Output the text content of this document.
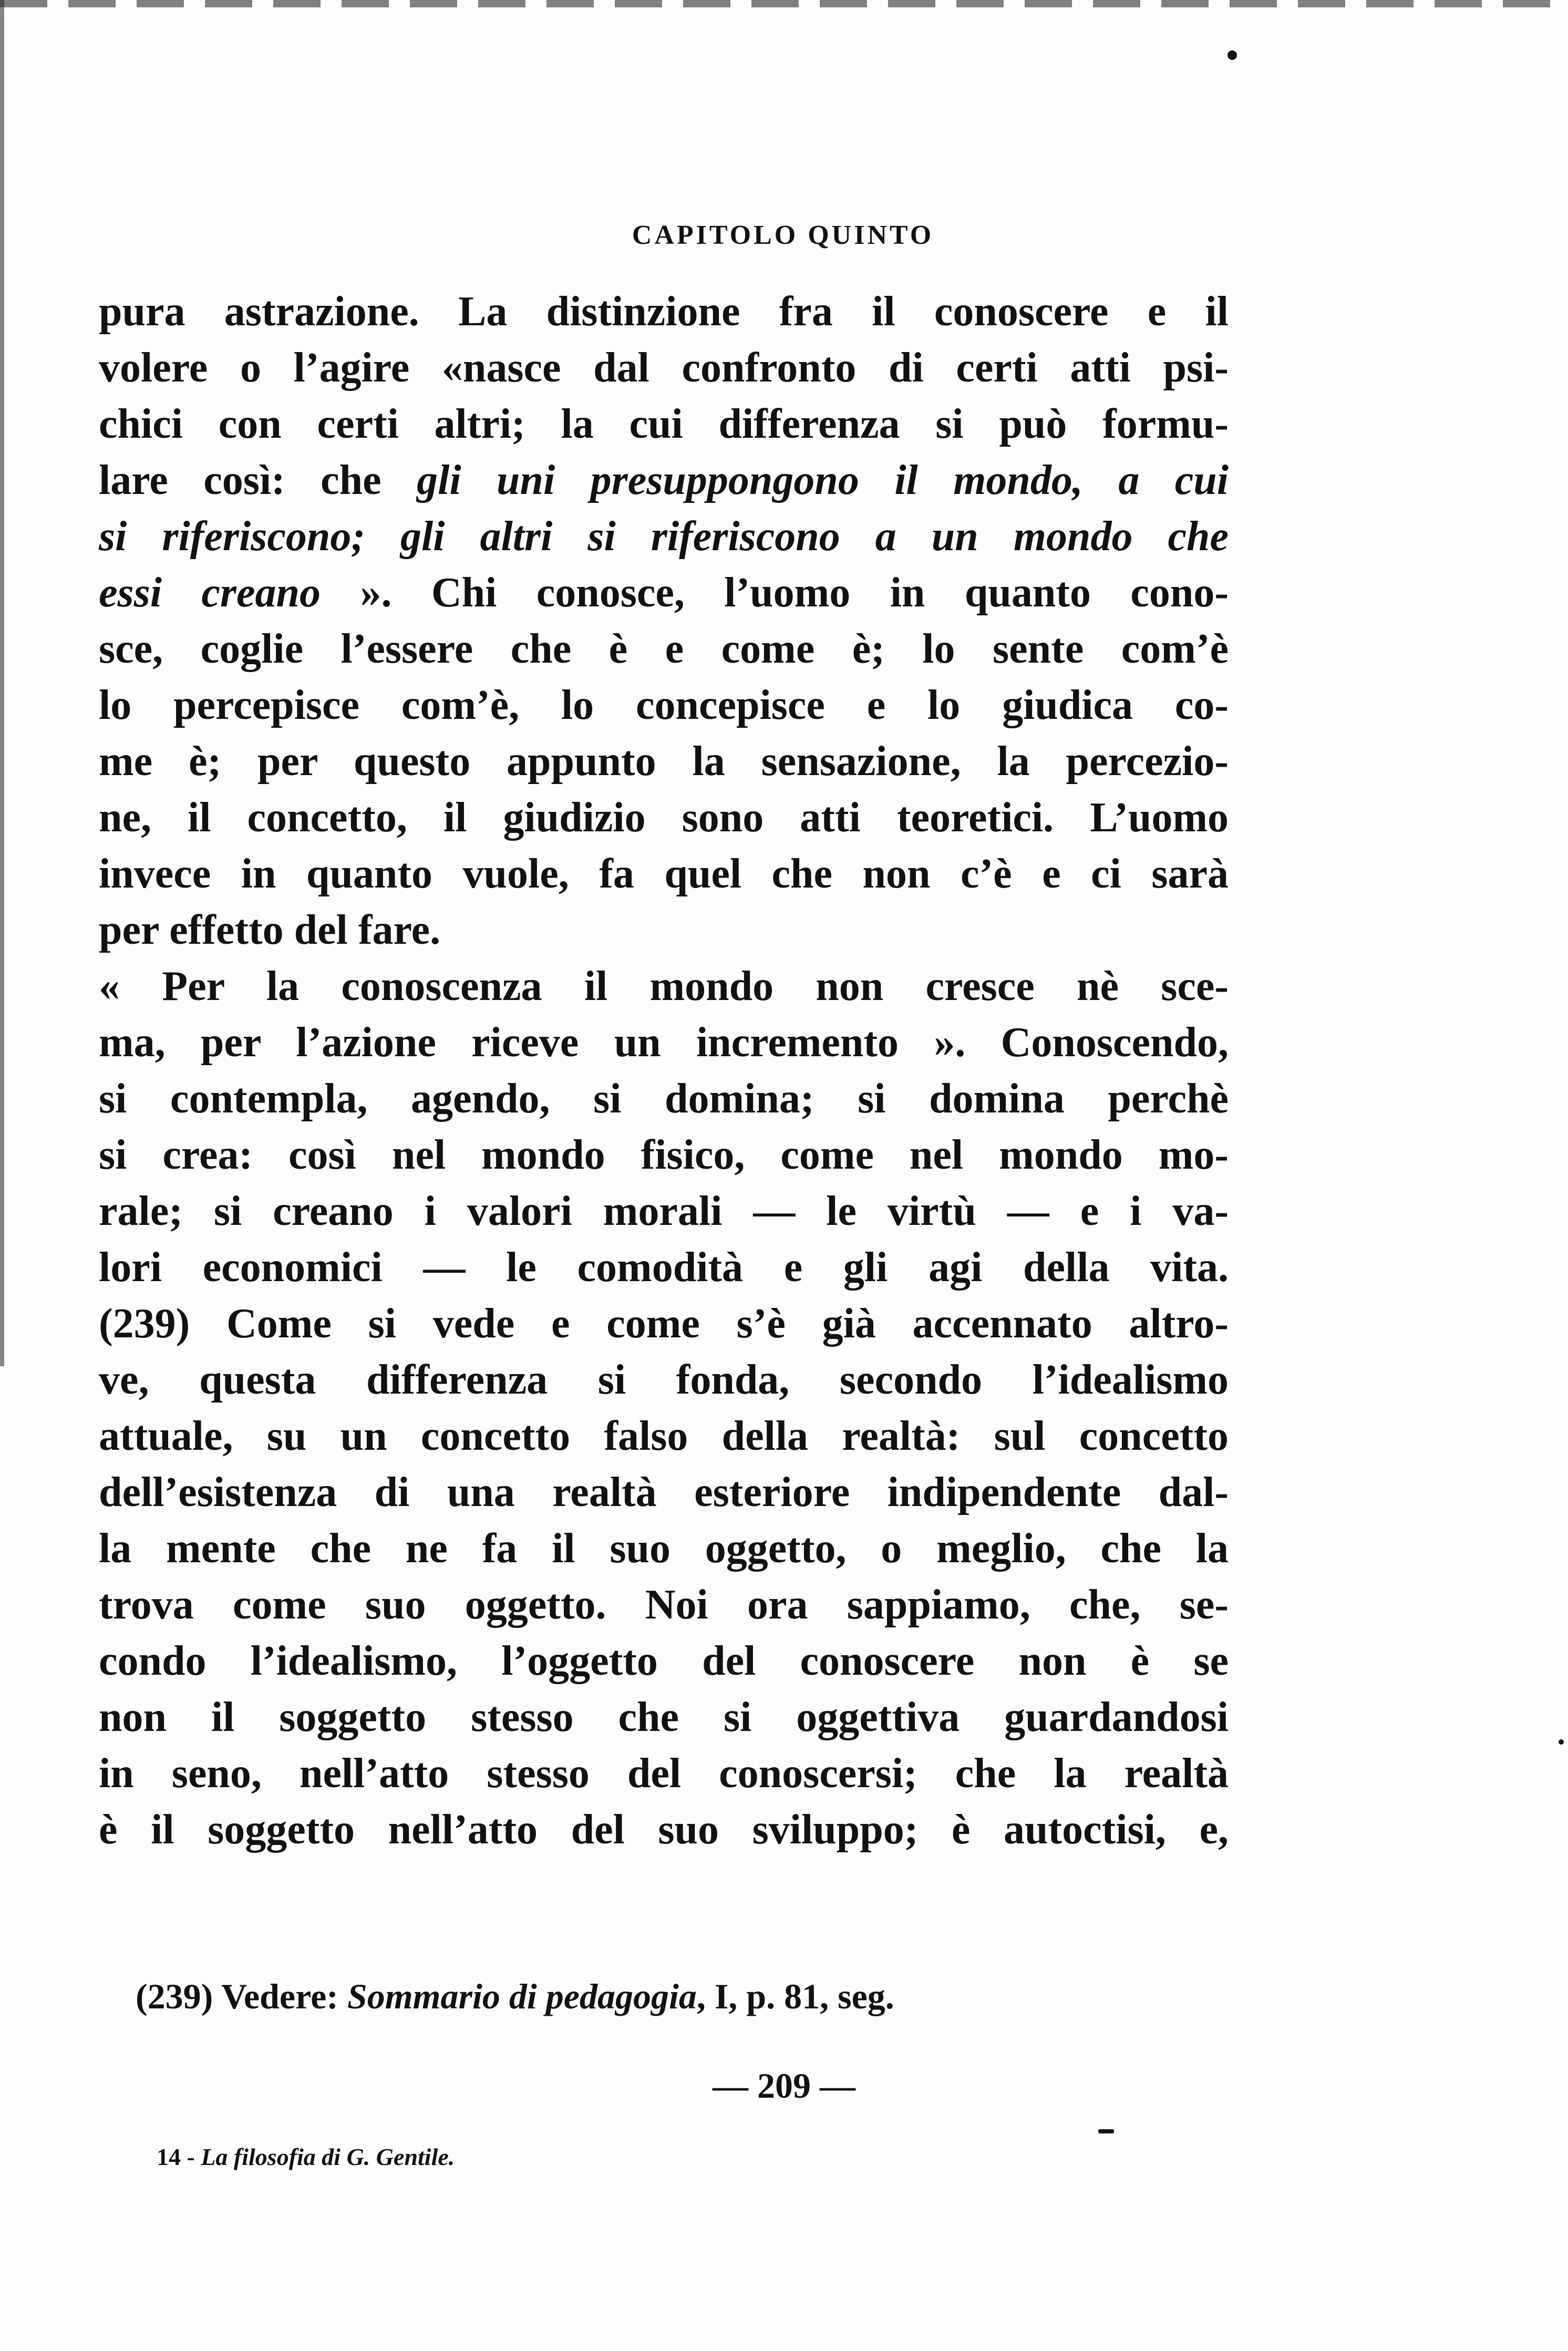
CAPITOLO QUINTO
pura astrazione. La distinzione fra il conoscere e il
volere o l’agire «nasce dal confronto di certi atti psi-
chici con certi altri; la cui differenza si può formu-
lare così: che gli uni presuppongono il mondo, a cui
si riferiscono; gli altri si riferiscono a un mondo che
essi creano ». Chi conosce, l’uomo in quanto cono-
sce, coglie l’essere che è e come è; lo sente com’è
lo percepisce com’è, lo concepisce e lo giudica co-
me è; per questo appunto la sensazione, la percezio-
ne, il concetto, il giudizio sono atti teoretici. L’uomo
invece in quanto vuole, fa quel che non c’è e ci sarà
per effetto del fare.
« Per la conoscenza il mondo non cresce nè sce-
ma, per l’azione riceve un incremento ». Conoscendo,
si contempla, agendo, si domina; si domina perchè
si crea: così nel mondo fisico, come nel mondo mo-
rale; si creano i valori morali — le virtù — e i va-
lori economici — le comodità e gli agi della vita.
(239) Come si vede e come s’è già accennato altro-
ve, questa differenza si fonda, secondo l’idealismo
attuale, su un concetto falso della realtà: sul concetto
dell’esistenza di una realtà esteriore indipendente dal-
la mente che ne fa il suo oggetto, o meglio, che la
trova come suo oggetto. Noi ora sappiamo, che, se-
condo l’idealismo, l’oggetto del conoscere non è se
non il soggetto stesso che si oggettiva guardandosi
in seno, nell’atto stesso del conoscersi; che la realtà
è il soggetto nell’atto del suo sviluppo; è autoctisi, e,
(239) Vedere: Sommario di pedagogia, I, p. 81, seg.
— 209 —
14 - La filosofia di G. Gentile.
